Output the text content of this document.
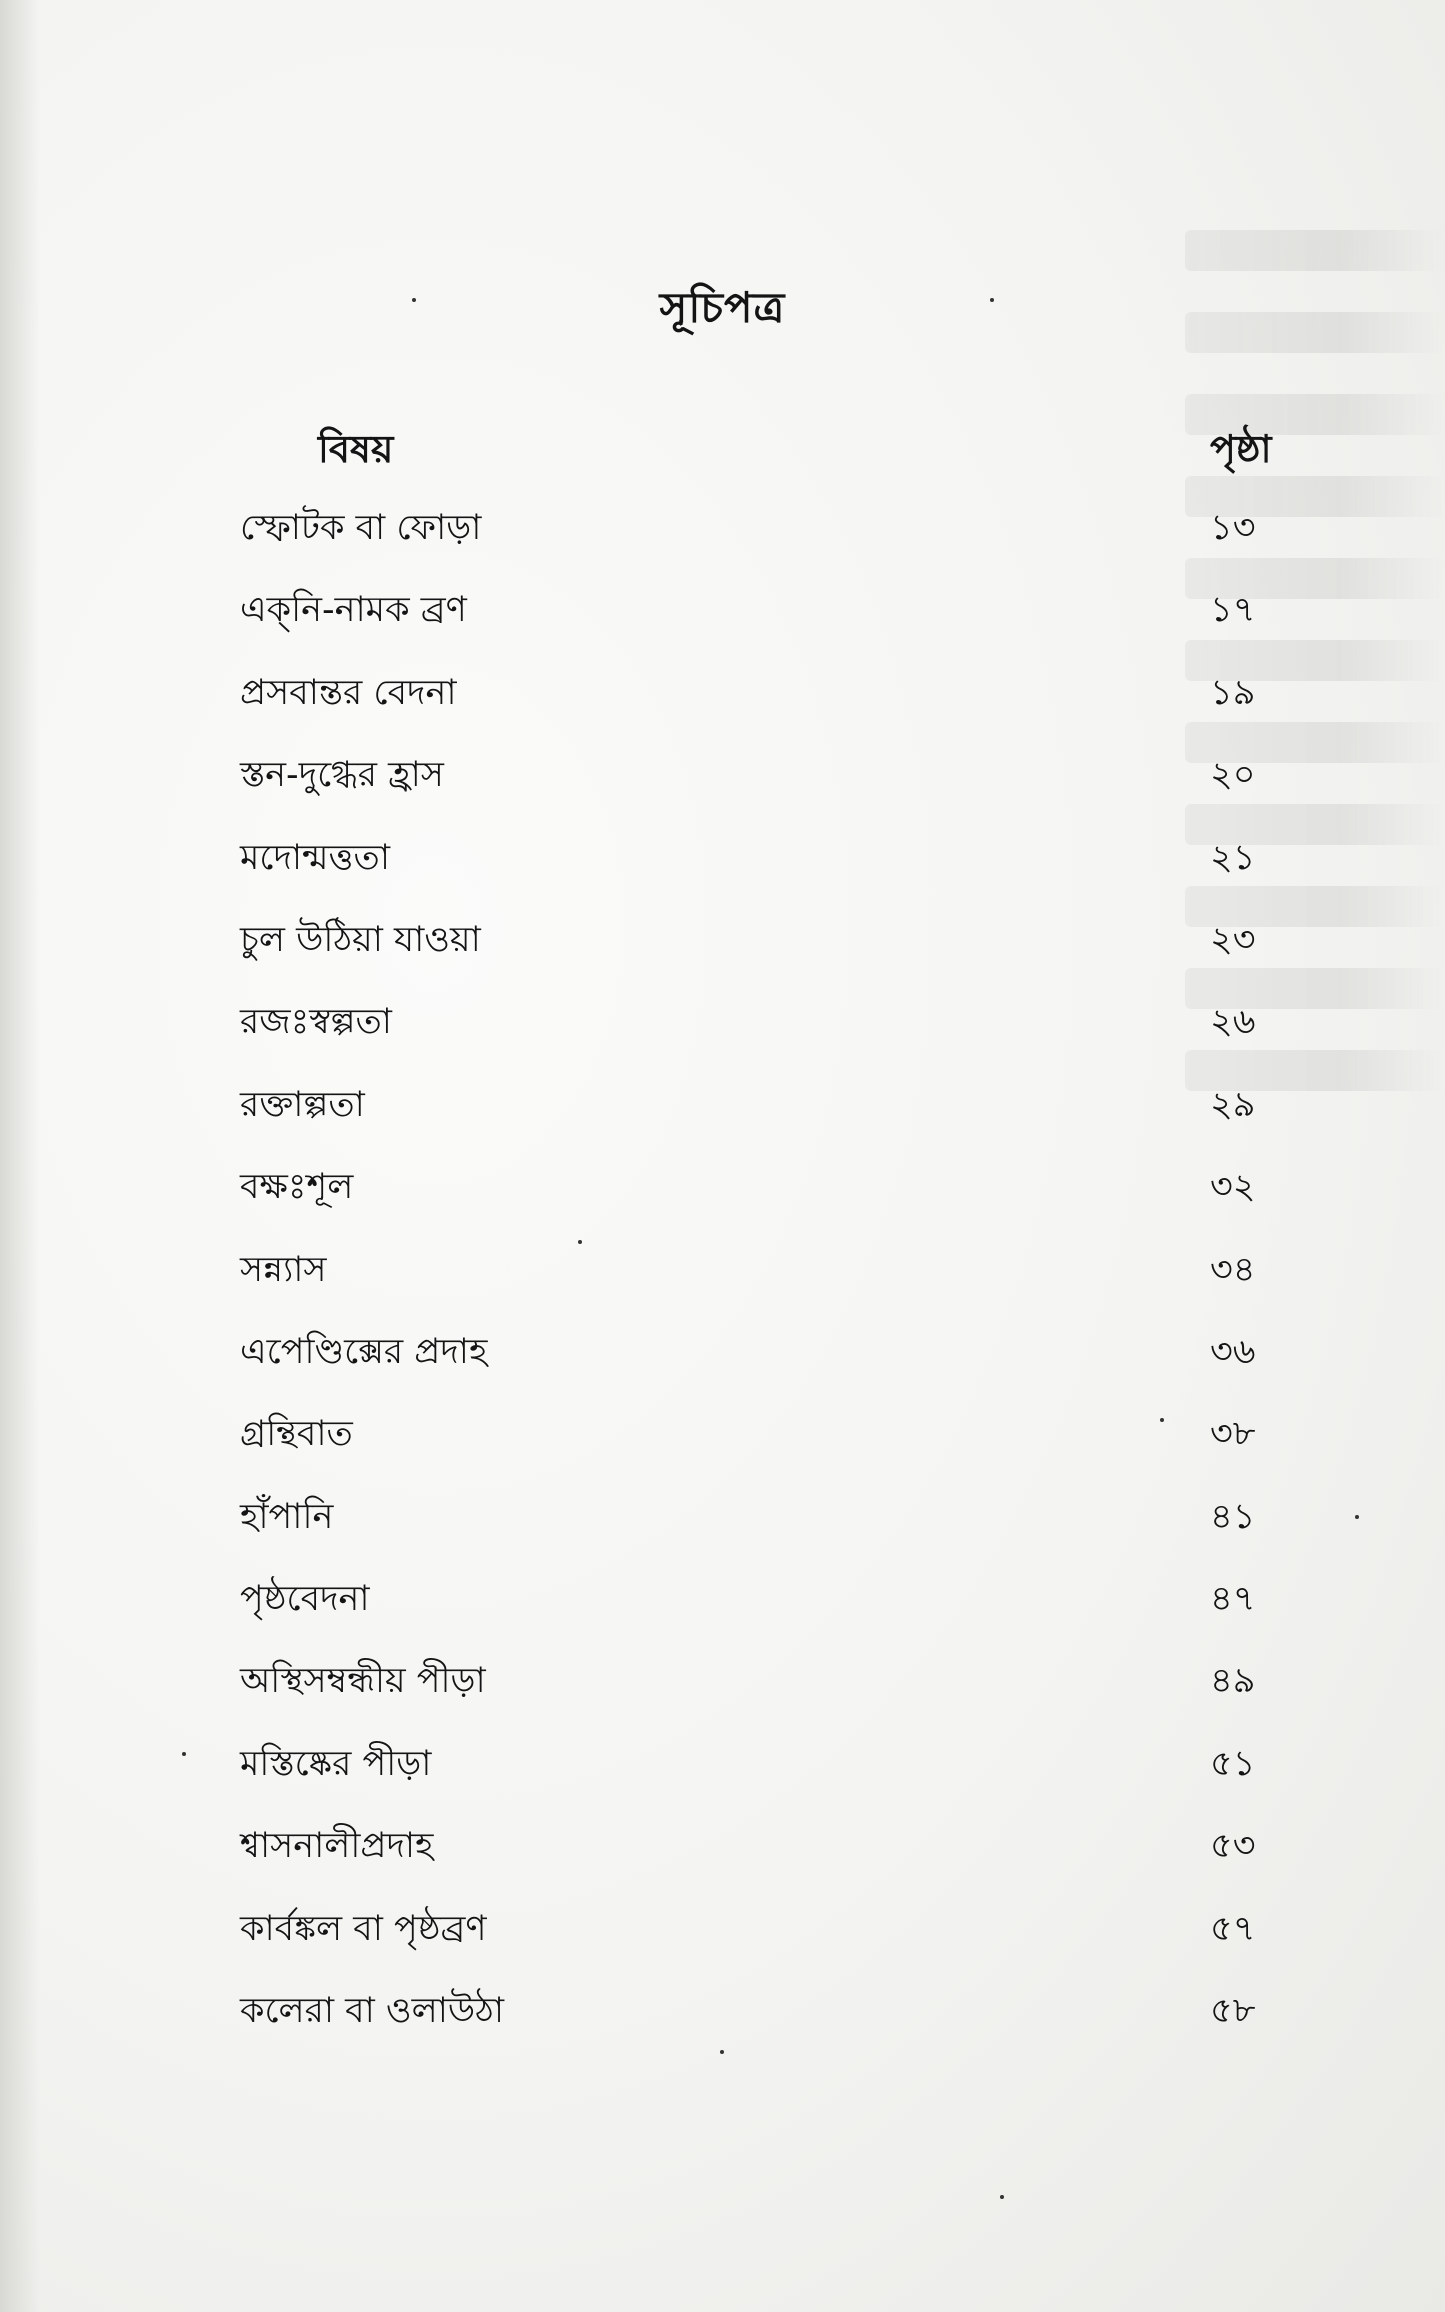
সূচিপত্র
বিষয়	পৃষ্ঠা
স্ফোটক বা ফোড়া	১৩
এক্‌নি-নামক ব্রণ	১৭
প্রসবান্তর বেদনা	১৯
স্তন-দুগ্ধের হ্রাস	২০
মদোন্মত্ততা	২১
চুল উঠিয়া যাওয়া	২৩
রজঃস্বল্পতা	২৬
রক্তাল্পতা	২৯
বক্ষঃশূল	৩২
সন্ন্যাস	৩৪
এপেণ্ডিক্সের প্রদাহ	৩৬
গ্রন্থিবাত	৩৮
হাঁপানি	৪১
পৃষ্ঠবেদনা	৪৭
অস্থিসম্বন্ধীয় পীড়া	৪৯
মস্তিষ্কের পীড়া	৫১
শ্বাসনালীপ্রদাহ	৫৩
কার্বঙ্কল বা পৃষ্ঠব্রণ	৫৭
কলেরা বা ওলাউঠা	৫৮
